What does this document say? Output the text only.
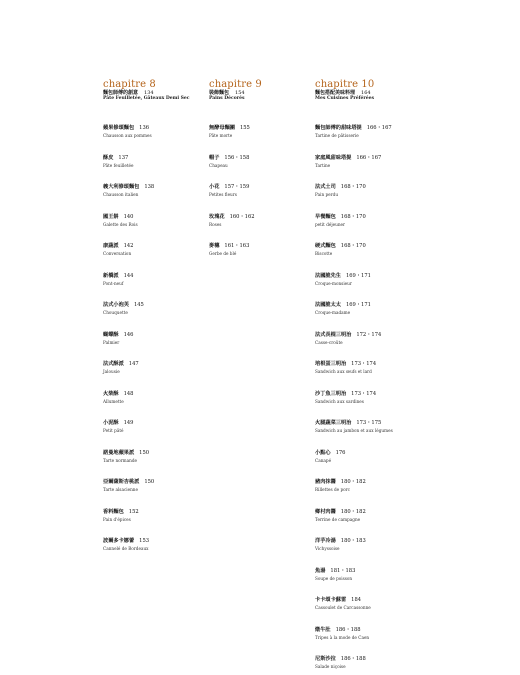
chapitre 8
麵包師傅的創意 134
Pâte Feuilletée, Gâteaux Demi Sec
蘋果修頌麵包 136
Chausson aux pommes
酥皮 137
Pâte feuilletée
義大利修頌麵包 138
Chausson italien
國王餅 140
Galette des Rois
康蔬派 142
Conversation
新橋派 144
Pont-neuf
法式小泡芙 145
Chouquette
蝴蝶酥 146
Palmier
法式酥派 147
Jalousie
火柴酥 148
Allumette
小泥酥 149
Petit pâté
諾曼地蘋果派 150
Tarte normande
亞爾薩斯杏桃派 150
Tarte alsacienne
香料麵包 152
Pain d'épices
波爾多卡娜蕾 153
Cannelé de Bordeaux
chapitre 9
裝飾麵包 154
Pains Décorés
無酵母麵團 155
Pâte morte
帽子 156・158
Chapeau
小花 157・159
Petites fleurs
玫瑰花 160・162
Roses
麥穗 161・163
Gerbe de blé
chapitre 10
麵包搭配美味料理 164
Mes Cuisines Préférées
麵包師傅的甜味塔提 166・167
Tartine de pâtisserie
家庭風甜味塔提 166・167
Tartine
法式土司 168・170
Pain perdu
早餐麵包 168・170
petit déjeuner
硬式麵包 168・170
Biscotte
法國脆先生 169・171
Croque-monsieur
法國脆太太 169・171
Croque-madame
法式長棍三明治 172・174
Casse-croûte
培根蛋三明治 173・174
Sandwich aux œufs et lard
沙丁魚三明治 173・174
Sandwich aux sardines
火腿蔬菜三明治 173・175
Sandwich au jambon et aux légumes
小點心 176
Canapé
豬肉抹醬 180・182
Rillettes de porc
鄉村肉醬 180・182
Terrine de campagne
洋芋冷湯 180・183
Vichyssoise
魚湯 181・183
Soupe de poisson
卡卡頌卡蘇雷 184
Cassoulet de Carcassonne
燉牛肚 186・188
Tripes à la mode de Caen
尼斯沙拉 186・188
Salade niçoise
